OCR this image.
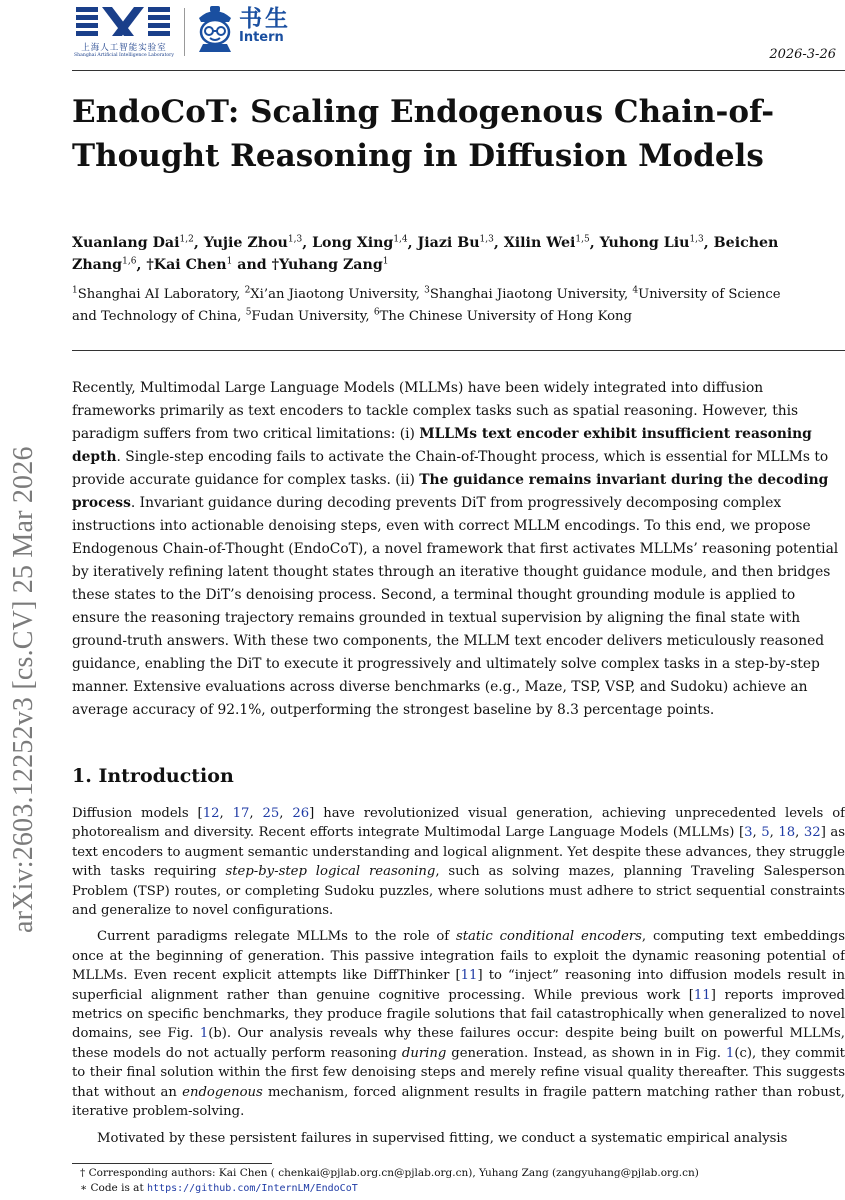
上海人工智能实验室
Shanghai Artificial Intelligence Laboratory
书生
Intern
2026-3-26
EndoCoT: Scaling Endogenous Chain-of-Thought Reasoning in Diffusion Models
Xuanlang Dai$^{1,2}$, Yujie Zhou$^{1,3}$, Long Xing$^{1,4}$, Jiazi Bu$^{1,3}$, Xilin Wei$^{1,5}$, Yuhong Liu$^{1,3}$, Beichen Zhang$^{1,6}$, †Kai Chen$^1$ and †Yuhang Zang$^1$
$^1$Shanghai AI Laboratory, $^2$Xi’an Jiaotong University, $^3$Shanghai Jiaotong University, $^4$University of Science and Technology of China, $^5$Fudan University, $^6$The Chinese University of Hong Kong
arXiv:2603.12252v3 [cs.CV] 25 Mar 2026

Recently, Multimodal Large Language Models (MLLMs) have been widely integrated into diffusion frameworks primarily as text encoders to tackle complex tasks such as spatial reasoning. However, this paradigm suffers from two critical limitations: (i) MLLMs text encoder exhibit insufficient reasoning depth. Single-step encoding fails to activate the Chain-of-Thought process, which is essential for MLLMs to provide accurate guidance for complex tasks. (ii) The guidance remains invariant during the decoding process. Invariant guidance during decoding prevents DiT from progressively decomposing complex instructions into actionable denoising steps, even with correct MLLM encodings. To this end, we propose Endogenous Chain-of-Thought (EndoCoT), a novel framework that first activates MLLMs’ reasoning potential by iteratively refining latent thought states through an iterative thought guidance module, and then bridges these states to the DiT’s denoising process. Second, a terminal thought grounding module is applied to ensure the reasoning trajectory remains grounded in textual supervision by aligning the final state with ground-truth answers. With these two components, the MLLM text encoder delivers meticulously reasoned guidance, enabling the DiT to execute it progressively and ultimately solve complex tasks in a step-by-step manner. Extensive evaluations across diverse benchmarks (e.g., Maze, TSP, VSP, and Sudoku) achieve an average accuracy of 92.1%, outperforming the strongest baseline by 8.3 percentage points.

1. Introduction

Diffusion models [12, 17, 25, 26] have revolutionized visual generation, achieving unprecedented levels of photorealism and diversity. Recent efforts integrate Multimodal Large Language Models (MLLMs) [3, 5, 18, 32] as text encoders to augment semantic understanding and logical alignment. Yet despite these advances, they struggle with tasks requiring step-by-step logical reasoning, such as solving mazes, planning Traveling Salesperson Problem (TSP) routes, or completing Sudoku puzzles, where solutions must adhere to strict sequential constraints and generalize to novel configurations.

Current paradigms relegate MLLMs to the role of static conditional encoders, computing text embeddings once at the beginning of generation. This passive integration fails to exploit the dynamic reasoning potential of MLLMs. Even recent explicit attempts like DiffThinker [11] to “inject” reasoning into diffusion models result in superficial alignment rather than genuine cognitive processing. While previous work [11] reports improved metrics on specific benchmarks, they produce fragile solutions that fail catastrophically when generalized to novel domains, see Fig. 1(b). Our analysis reveals why these failures occur: despite being built on powerful MLLMs, these models do not actually perform reasoning during generation. Instead, as shown in in Fig. 1(c), they commit to their final solution within the first few denoising steps and merely refine visual quality thereafter. This suggests that without an endogenous mechanism, forced alignment results in fragile pattern matching rather than robust, iterative problem-solving.

Motivated by these persistent failures in supervised fitting, we conduct a systematic empirical analysis

† Corresponding authors: Kai Chen ( chenkai@pjlab.org.cn@pjlab.org.cn), Yuhang Zang (zangyuhang@pjlab.org.cn)
∗ Code is at https://github.com/InternLM/EndoCoT
